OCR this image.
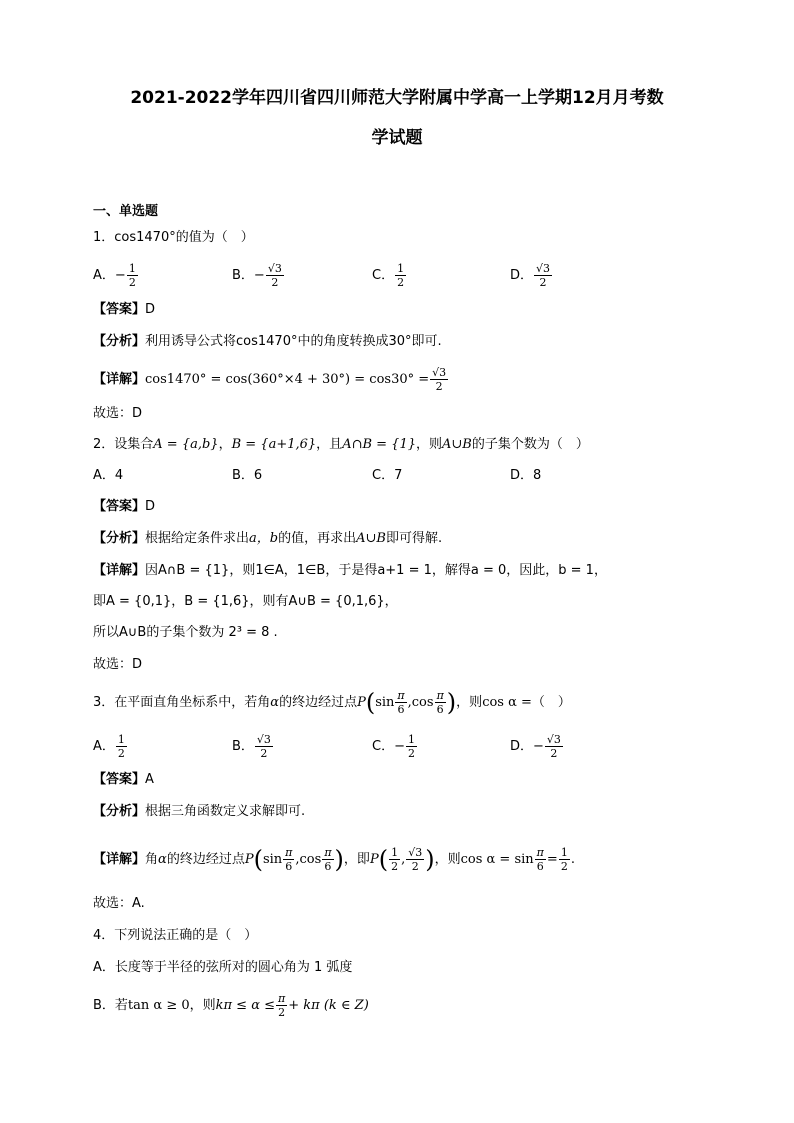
2021-2022学年四川省四川师范大学附属中学高一上学期12月月考数
学试题
一、单选题
1．cos1470°的值为（　）
A．− $\frac{1}{2}$	B．− $\frac{√3}{2}$	C． $\frac{1}{2}$	D． $\frac{√3}{2}$
【答案】D
【分析】利用诱导公式将cos1470°中的角度转换成30°即可.
【详解】$\cos 1470^\circ = \cos(360^\circ\times 4 + 30^\circ) = \cos 30^\circ = \frac{√3}{2}$
故选：D
2．设集合A = {a,b}，B = {a+1,6}，且A∩B = {1}，则A∪B的子集个数为（　）
A．4	B．6	C．7	D．8
【答案】D
【分析】根据给定条件求出a，b的值，再求出A∪B即可得解.
【详解】因A∩B = {1}，则1∈A，1∈B，于是得a+1 = 1，解得a = 0，因此，b = 1，
即A = {0,1}，B = {1,6}，则有A∪B = {0,1,6}，
所以A∪B的子集个数为 2³ = 8 .
故选：D
3．在平面直角坐标系中，若角α的终边经过点$P(\sin \frac{\pi}{6} ,\cos \frac{\pi}{6}$ )，则cos α =（　）
A． $\frac{1}{2}$	B． $\frac{√3}{2}$	C．− $\frac{1}{2}$	D．− $\frac{√3}{2}$
【答案】A
【分析】根据三角函数定义求解即可.
【详解】角α的终边经过点$P(\sin \frac{\pi}{6} ,\cos \frac{\pi}{6}$ )，即$P( \frac{1}{2}$ , $\frac{√3}{2}$ )，则$\cos \alpha = \sin \frac{\pi}{6} = \frac{1}{2}$ .
故选：A.
4．下列说法正确的是（　）
A．长度等于半径的弦所对的圆心角为 1 弧度
B．若tan α ≥ 0，则$k\pi \le \alpha \le \frac{\pi}{2} + k\pi$ (k ∈ Z)
